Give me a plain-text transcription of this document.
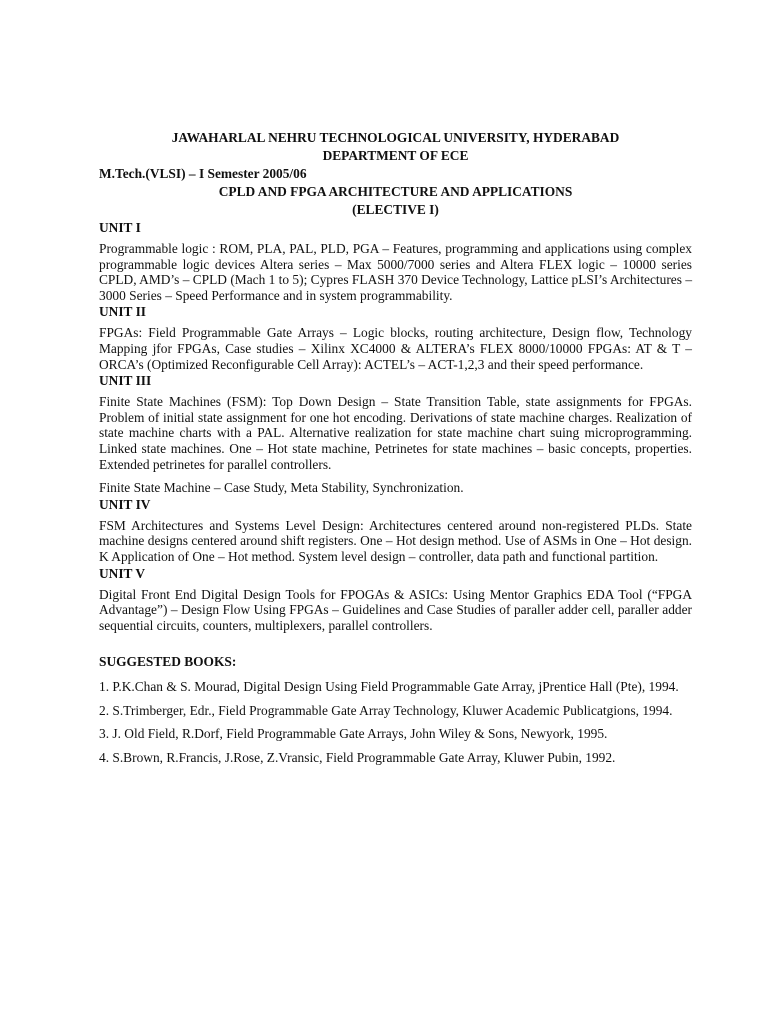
JAWAHARLAL NEHRU TECHNOLOGICAL UNIVERSITY, HYDERABAD
DEPARTMENT OF ECE
M.Tech.(VLSI) – I Semester 2005/06
CPLD AND FPGA ARCHITECTURE AND APPLICATIONS
(ELECTIVE I)
UNIT I

Programmable logic : ROM, PLA, PAL, PLD, PGA – Features, programming and applications using complex programmable logic devices Altera series – Max 5000/7000 series and Altera FLEX logic – 10000 series CPLD, AMD’s – CPLD (Mach 1 to 5); Cypres FLASH 370 Device Technology, Lattice pLSI’s Architectures – 3000 Series – Speed Performance and in system programmability.

UNIT II

FPGAs: Field Programmable Gate Arrays – Logic blocks, routing architecture, Design flow, Technology Mapping jfor FPGAs, Case studies – Xilinx XC4000 & ALTERA’s FLEX 8000/10000 FPGAs: AT & T – ORCA’s (Optimized Reconfigurable Cell Array): ACTEL’s – ACT-1,2,3 and their speed performance.

UNIT III

Finite State Machines (FSM): Top Down Design – State Transition Table, state assignments for FPGAs. Problem of initial state assignment for one hot encoding. Derivations of state machine charges. Realization of state machine charts with a PAL. Alternative realization for state machine chart suing microprogramming. Linked state machines. One – Hot state machine, Petrinetes for state machines – basic concepts, properties. Extended petrinetes for parallel controllers.

Finite State Machine – Case Study, Meta Stability, Synchronization.

UNIT IV

FSM Architectures and Systems Level Design: Architectures centered around non-registered PLDs. State machine designs centered around shift registers. One – Hot design method. Use of ASMs in One – Hot design. K Application of One – Hot method. System level design – controller, data path and functional partition.

UNIT V

Digital Front End Digital Design Tools for FPOGAs & ASICs: Using Mentor Graphics EDA Tool (“FPGA Advantage”) – Design Flow Using FPGAs – Guidelines and Case Studies of paraller adder cell, paraller adder sequential circuits, counters, multiplexers, parallel controllers.

SUGGESTED BOOKS:

1. P.K.Chan & S. Mourad, Digital Design Using Field Programmable Gate Array, jPrentice Hall (Pte), 1994.

2. S.Trimberger, Edr., Field Programmable Gate Array Technology, Kluwer Academic Publicatgions, 1994.

3. J. Old Field, R.Dorf, Field Programmable Gate Arrays, John Wiley & Sons, Newyork, 1995.

4. S.Brown, R.Francis, J.Rose, Z.Vransic, Field Programmable Gate Array, Kluwer Pubin, 1992.
